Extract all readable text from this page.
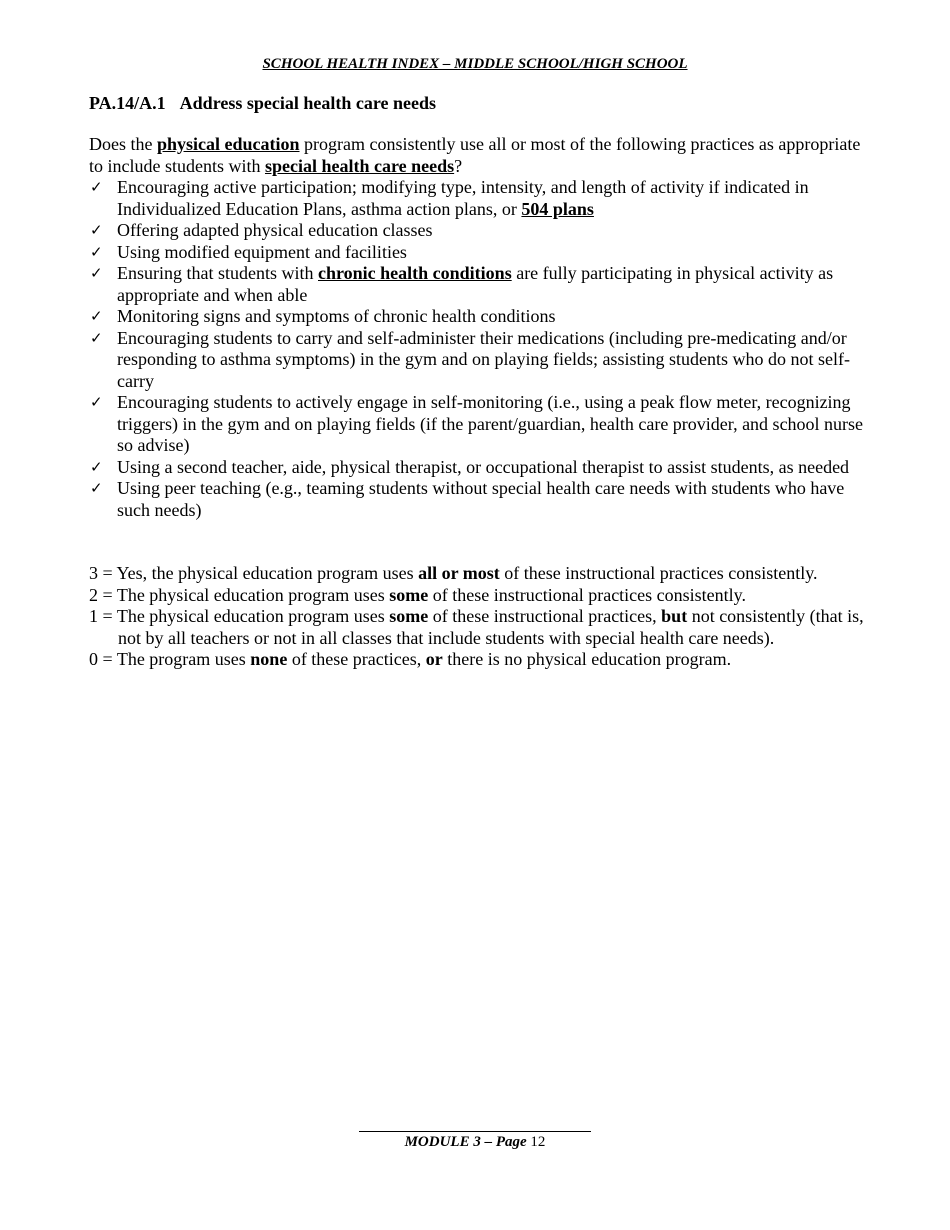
SCHOOL HEALTH INDEX – MIDDLE SCHOOL/HIGH SCHOOL
PA.14/A.1 Address special health care needs
Does the physical education program consistently use all or most of the following practices as appropriate to include students with special health care needs?
✓ Encouraging active participation; modifying type, intensity, and length of activity if indicated in Individualized Education Plans, asthma action plans, or 504 plans
✓ Offering adapted physical education classes
✓ Using modified equipment and facilities
✓ Ensuring that students with chronic health conditions are fully participating in physical activity as appropriate and when able
✓ Monitoring signs and symptoms of chronic health conditions
✓ Encouraging students to carry and self-administer their medications (including pre-medicating and/or responding to asthma symptoms) in the gym and on playing fields; assisting students who do not self-carry
✓ Encouraging students to actively engage in self-monitoring (i.e., using a peak flow meter, recognizing triggers) in the gym and on playing fields (if the parent/guardian, health care provider, and school nurse so advise)
✓ Using a second teacher, aide, physical therapist, or occupational therapist to assist students, as needed
✓ Using peer teaching (e.g., teaming students without special health care needs with students who have such needs)
3 = Yes, the physical education program uses all or most of these instructional practices consistently.
2 = The physical education program uses some of these instructional practices consistently.
1 = The physical education program uses some of these instructional practices, but not consistently (that is, not by all teachers or not in all classes that include students with special health care needs).
0 = The program uses none of these practices, or there is no physical education program.
MODULE 3 – Page 12
